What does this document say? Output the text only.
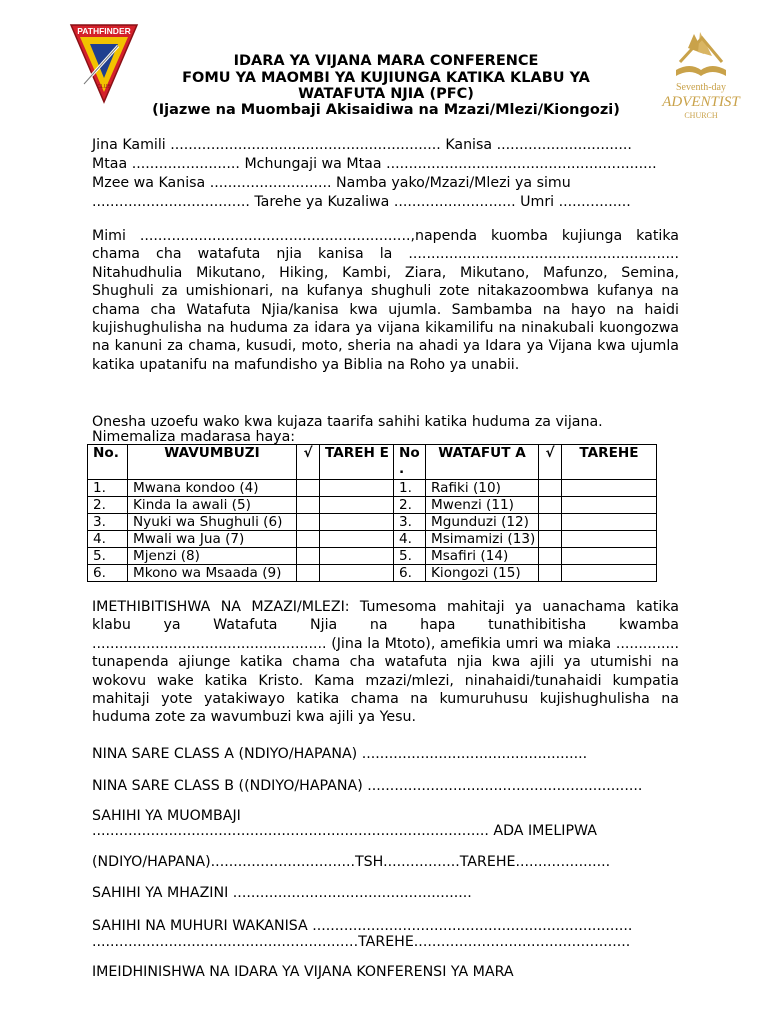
PATHFINDER
CLUB	Seventh-day
ADVENTIST
CHURCH
IDARA YA VIJANA MARA CONFERENCE
FOMU YA MAOMBI YA KUJIUNGA KATIKA KLABU YA
WATAFUTA NJIA (PFC)
(Ijazwe na Muombaji Akisaidiwa na Mzazi/Mlezi/Kiongozi)
Jina Kamili ............................................................ Kanisa ..............................
Mtaa ........................ Mchungaji wa Mtaa ............................................................
Mzee wa Kanisa ........................... Namba yako/Mzazi/Mlezi ya simu
................................... Tarehe ya Kuzaliwa ........................... Umri ................
Mimi ............................................................,napenda kuomba kujiunga katika chama cha watafuta njia kanisa la ............................................................ Nitahudhulia Mikutano, Hiking, Kambi, Ziara, Mikutano, Mafunzo, Semina, Shughuli za umishionari, na kufanya shughuli zote nitakazoombwa kufanya na chama cha Watafuta Njia/kanisa kwa ujumla. Sambamba na hayo na haidi kujishughulisha na huduma za idara ya vijana kikamilifu na ninakubali kuongozwa na kanuni za chama, kusudi, moto, sheria na ahadi ya Idara ya Vijana kwa ujumla katika upatanifu na mafundisho ya Biblia na Roho ya unabii.
Onesha uzoefu wako kwa kujaza taarifa sahihi katika huduma za vijana.
Nimemaliza madarasa haya:
No.	WAVUMBUZI	√	TAREH E	No .	WATAFUT A	√	TAREHE
1.	Mwana kondoo (4)			1.	Rafiki (10)		
2.	Kinda la awali (5)			2.	Mwenzi (11)		
3.	Nyuki wa Shughuli (6)			3.	Mgunduzi (12)		
4.	Mwali wa Jua (7)			4.	Msimamizi (13)		
5.	Mjenzi (8)			5.	Msafiri (14)		
6.	Mkono wa Msaada (9)			6.	Kiongozi (15)		
IMETHIBITISHWA NA MZAZI/MLEZI: Tumesoma mahitaji ya uanachama katika klabu ya Watafuta Njia na hapa tunathibitisha kwamba .................................................... (Jina la Mtoto), amefikia umri wa miaka .............. tunapenda ajiunge katika chama cha watafuta njia kwa ajili ya utumishi na wokovu wake katika Kristo. Kama mzazi/mlezi, ninahaidi/tunahaidi kumpatia mahitaji yote yatakiwayo katika chama na kumuruhusu kujishughulisha na huduma zote za wavumbuzi kwa ajili ya Yesu.
NINA SARE CLASS A (NDIYO/HAPANA) ..................................................
NINA SARE CLASS B ((NDIYO/HAPANA) .............................................................
SAHIHI YA MUOMBAJI
........................................................................................ ADA IMELIPWA
(NDIYO/HAPANA)................................TSH.................TAREHE.....................
SAHIHI YA MHAZINI .....................................................
SAHIHI NA MUHURI WAKANISA .......................................................................
...........................................................TAREHE................................................
IMEIDHINISHWA NA IDARA YA VIJANA KONFERENSI YA MARA
